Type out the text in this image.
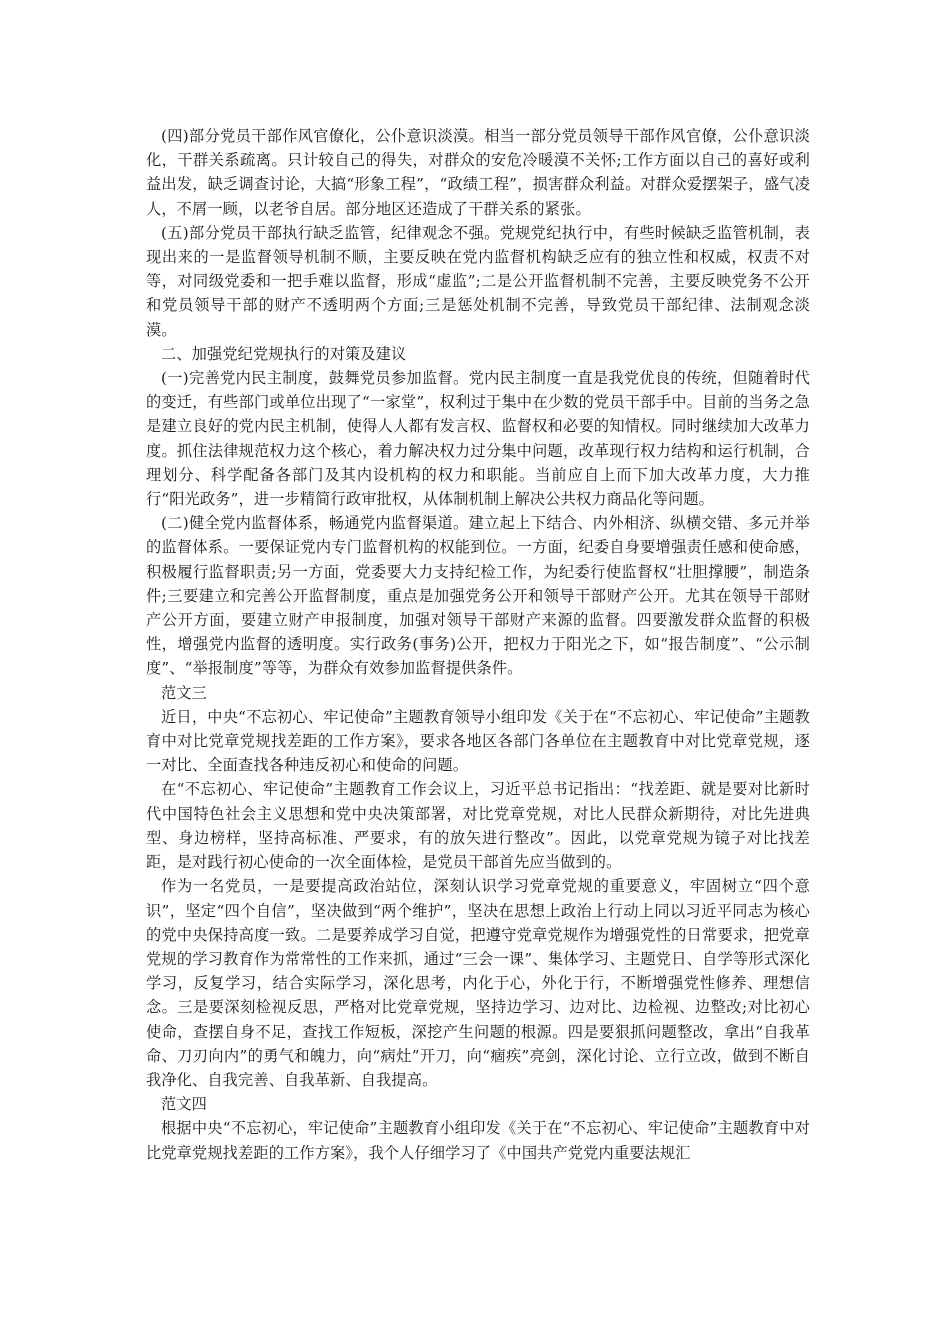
(四)部分党员干部作风官僚化，公仆意识淡漠。相当一部分党员领导干部作风官僚，公仆意识淡化，干群关系疏离。只计较自己的得失，对群众的安危冷暖漠不关怀;工作方面以自己的喜好或利益出发，缺乏调查讨论，大搞“形象工程”，“政绩工程”，损害群众利益。对群众爱摆架子，盛气凌人，不屑一顾，以老爷自居。部分地区还造成了干群关系的紧张。

(五)部分党员干部执行缺乏监管，纪律观念不强。党规党纪执行中，有些时候缺乏监管机制，表现出来的一是监督领导机制不顺，主要反映在党内监督机构缺乏应有的独立性和权威，权责不对等，对同级党委和一把手难以监督，形成“虚监”;二是公开监督机制不完善，主要反映党务不公开和党员领导干部的财产不透明两个方面;三是惩处机制不完善，导致党员干部纪律、法制观念淡漠。

二、加强党纪党规执行的对策及建议

(一)完善党内民主制度，鼓舞党员参加监督。党内民主制度一直是我党优良的传统，但随着时代的变迁，有些部门或单位出现了“一家堂”，权利过于集中在少数的党员干部手中。目前的当务之急是建立良好的党内民主机制，使得人人都有发言权、监督权和必要的知情权。同时继续加大改革力度。抓住法律规范权力这个核心，着力解决权力过分集中问题，改革现行权力结构和运行机制，合理划分、科学配备各部门及其内设机构的权力和职能。当前应自上而下加大改革力度，大力推行“阳光政务”，进一步精简行政审批权，从体制机制上解决公共权力商品化等问题。

(二)健全党内监督体系，畅通党内监督渠道。建立起上下结合、内外相济、纵横交错、多元并举的监督体系。一要保证党内专门监督机构的权能到位。一方面，纪委自身要增强责任感和使命感，积极履行监督职责;另一方面，党委要大力支持纪检工作，为纪委行使监督权“壮胆撑腰”，制造条件;三要建立和完善公开监督制度，重点是加强党务公开和领导干部财产公开。尤其在领导干部财产公开方面，要建立财产申报制度，加强对领导干部财产来源的监督。四要激发群众监督的积极性，增强党内监督的透明度。实行政务(事务)公开，把权力于阳光之下，如“报告制度”、“公示制度”、“举报制度”等等，为群众有效参加监督提供条件。

范文三

近日，中央“不忘初心、牢记使命”主题教育领导小组印发《关于在“不忘初心、牢记使命”主题教育中对比党章党规找差距的工作方案》，要求各地区各部门各单位在主题教育中对比党章党规，逐一对比、全面查找各种违反初心和使命的问题。

在“不忘初心、牢记使命”主题教育工作会议上，习近平总书记指出：“找差距、就是要对比新时代中国特色社会主义思想和党中央决策部署，对比党章党规，对比人民群众新期待，对比先进典型、身边榜样，坚持高标准、严要求，有的放矢进行整改”。因此，以党章党规为镜子对比找差距，是对践行初心使命的一次全面体检，是党员干部首先应当做到的。

作为一名党员，一是要提高政治站位，深刻认识学习党章党规的重要意义，牢固树立“四个意识”，坚定“四个自信”，坚决做到“两个维护”，坚决在思想上政治上行动上同以习近平同志为核心的党中央保持高度一致。二是要养成学习自觉，把遵守党章党规作为增强党性的日常要求，把党章党规的学习教育作为常常性的工作来抓，通过“三会一课”、集体学习、主题党日、自学等形式深化学习，反复学习，结合实际学习，深化思考，内化于心，外化于行，不断增强党性修养、理想信念。三是要深刻检视反思，严格对比党章党规，坚持边学习、边对比、边检视、边整改;对比初心使命，查摆自身不足，查找工作短板，深挖产生问题的根源。四是要狠抓问题整改，拿出“自我革命、刀刃向内”的勇气和魄力，向“病灶”开刀，向“痼疾”亮剑，深化讨论、立行立改，做到不断自我净化、自我完善、自我革新、自我提高。

范文四

根据中央“不忘初心，牢记使命”主题教育小组印发《关于在“不忘初心、牢记使命”主题教育中对比党章党规找差距的工作方案》，我个人仔细学习了《中国共产党党内重要法规汇
